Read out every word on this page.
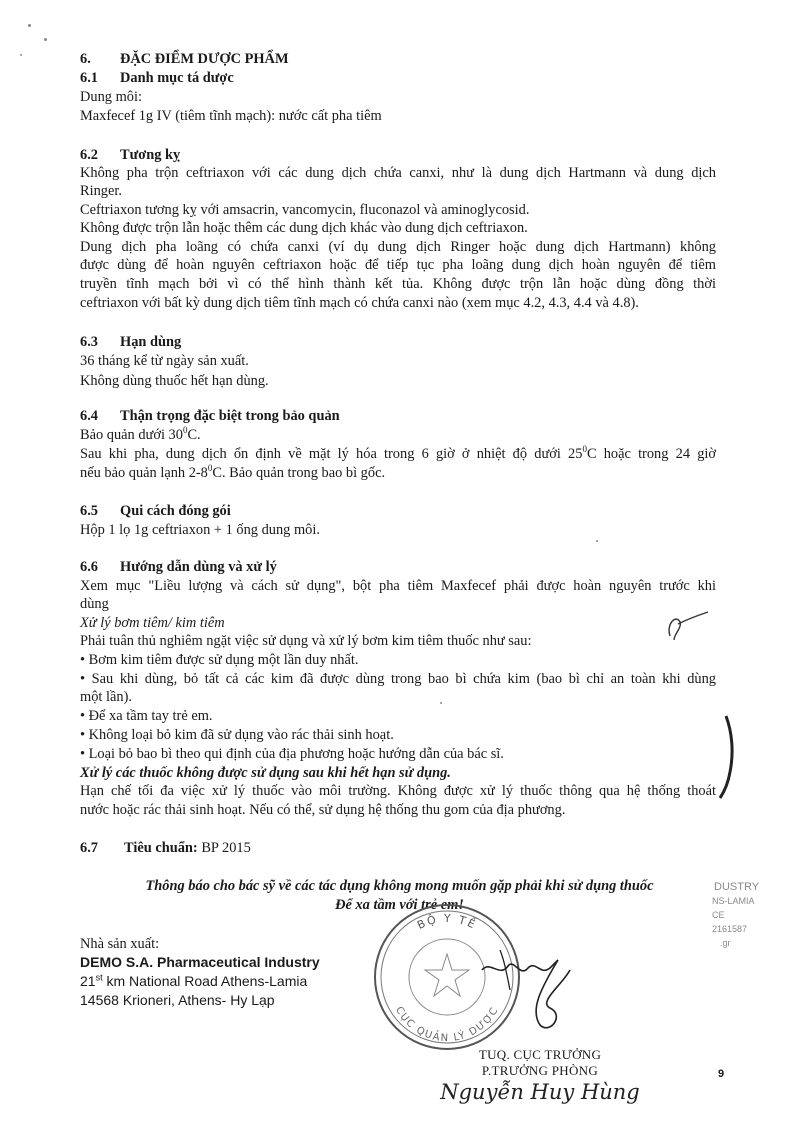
6. ĐẶC ĐIỂM DƯỢC PHẨM
6.1 Danh mục tá dược
Dung môi:
Maxfecef 1g IV (tiêm tĩnh mạch): nước cất pha tiêm
6.2 Tương kỵ
Không pha trộn ceftriaxon với các dung dịch chứa canxi, như là dung dịch Hartmann và dung dịch
Ringer.
Ceftriaxon tương kỵ với amsacrin, vancomycin, fluconazol và aminoglycosid.
Không được trộn lẫn hoặc thêm các dung dịch khác vào dung dịch ceftriaxon.
Dung dịch pha loãng có chứa canxi (ví dụ dung dịch Ringer hoặc dung dịch Hartmann) không
được dùng để hoàn nguyên ceftriaxon hoặc để tiếp tục pha loãng dung dịch hoàn nguyên để tiêm
truyền tĩnh mạch bởi vì có thể hình thành kết tủa. Không được trộn lẫn hoặc dùng đồng thời
ceftriaxon với bất kỳ dung dịch tiêm tĩnh mạch có chứa canxi nào (xem mục 4.2, 4.3, 4.4 và 4.8).
6.3 Hạn dùng
36 tháng kể từ ngày sản xuất.
Không dùng thuốc hết hạn dùng.
6.4 Thận trọng đặc biệt trong bảo quản
Bảo quản dưới $30^0C$.
Sau khi pha, dung dịch ổn định về mặt lý hóa trong 6 giờ ở nhiệt độ dưới $25^0C$ hoặc trong 24 giờ
nếu bảo quản lạnh $2-8^0C$. Bảo quản trong bao bì gốc.
6.5 Qui cách đóng gói
Hộp 1 lọ 1g ceftriaxon + 1 ống dung môi.
6.6 Hướng dẫn dùng và xử lý
Xem mục "Liều lượng và cách sử dụng", bột pha tiêm Maxfecef phải được hoàn nguyên trước khi
dùng
Xử lý bơm tiêm/ kim tiêm
Phải tuân thủ nghiêm ngặt việc sử dụng và xử lý bơm kim tiêm thuốc như sau:
• Bơm kim tiêm được sử dụng một lần duy nhất.
• Sau khi dùng, bỏ tất cả các kim đã được dùng trong bao bì chứa kim (bao bì chỉ an toàn khi dùng
một lần).
• Để xa tầm tay trẻ em.
• Không loại bỏ kim đã sử dụng vào rác thải sinh hoạt.
• Loại bỏ bao bì theo qui định của địa phương hoặc hướng dẫn của bác sĩ.
Xử lý các thuốc không được sử dụng sau khi hết hạn sử dụng.
Hạn chế tối đa việc xử lý thuốc vào môi trường. Không được xử lý thuốc thông qua hệ thống thoát
nước hoặc rác thải sinh hoạt. Nếu có thể, sử dụng hệ thống thu gom của địa phương.
6.7 Tiêu chuẩn: BP 2015
Thông báo cho bác sỹ về các tác dụng không mong muốn gặp phải khi sử dụng thuốc
Để xa tầm với trẻ em!
Nhà sản xuất:
DEMO S.A. Pharmaceutical Industry
21st km National Road Athens-Lamia
14568 Krioneri, Athens- Hy Lạp
BỘ Y TẾ
CỤC QUẢN LÝ DƯỢC
DUSTRY
NS-LAMIA
CE
2161587
.gr
TUQ. CỤC TRƯỞNG
P.TRƯỞNG PHÒNG
Nguyễn Huy Hùng
9
